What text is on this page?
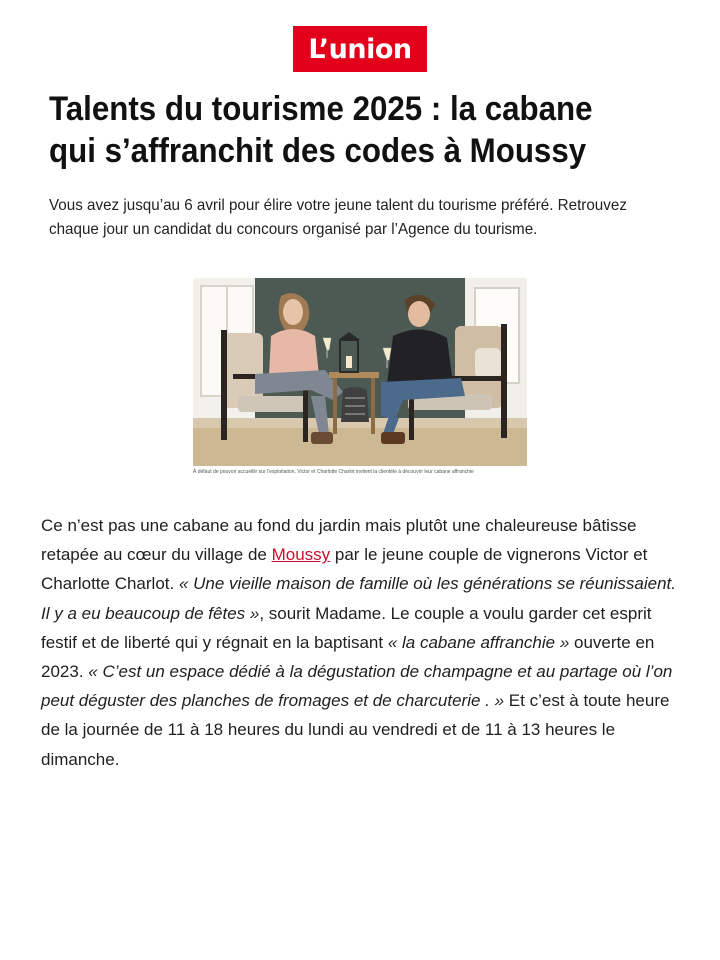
L’union
Talents du tourisme 2025 : la cabane qui s’affranchit des codes à Moussy

Vous avez jusqu’au 6 avril pour élire votre jeune talent du tourisme préféré. Retrouvez chaque jour un candidat du concours organisé par l’Agence du tourisme.

À défaut de pouvoir accueillir sur l’exploitation, Victor et Charlotte Charlot invitent la clientèle à découvrir leur cabane affranchie

Ce n’est pas une cabane au fond du jardin mais plutôt une chaleureuse bâtisse retapée au cœur du village de Moussy par le jeune couple de vignerons Victor et Charlotte Charlot. « Une vieille maison de famille où les générations se réunissaient. Il y a eu beaucoup de fêtes », sourit Madame. Le couple a voulu garder cet esprit festif et de liberté qui y régnait en la baptisant « la cabane affranchie » ouverte en 2023. « C’est un espace dédié à la dégustation de champagne et au partage où l’on peut déguster des planches de fromages et de charcuterie . » Et c’est à toute heure de la journée de 11 à 18 heures du lundi au vendredi et de 11 à 13 heures le dimanche.
